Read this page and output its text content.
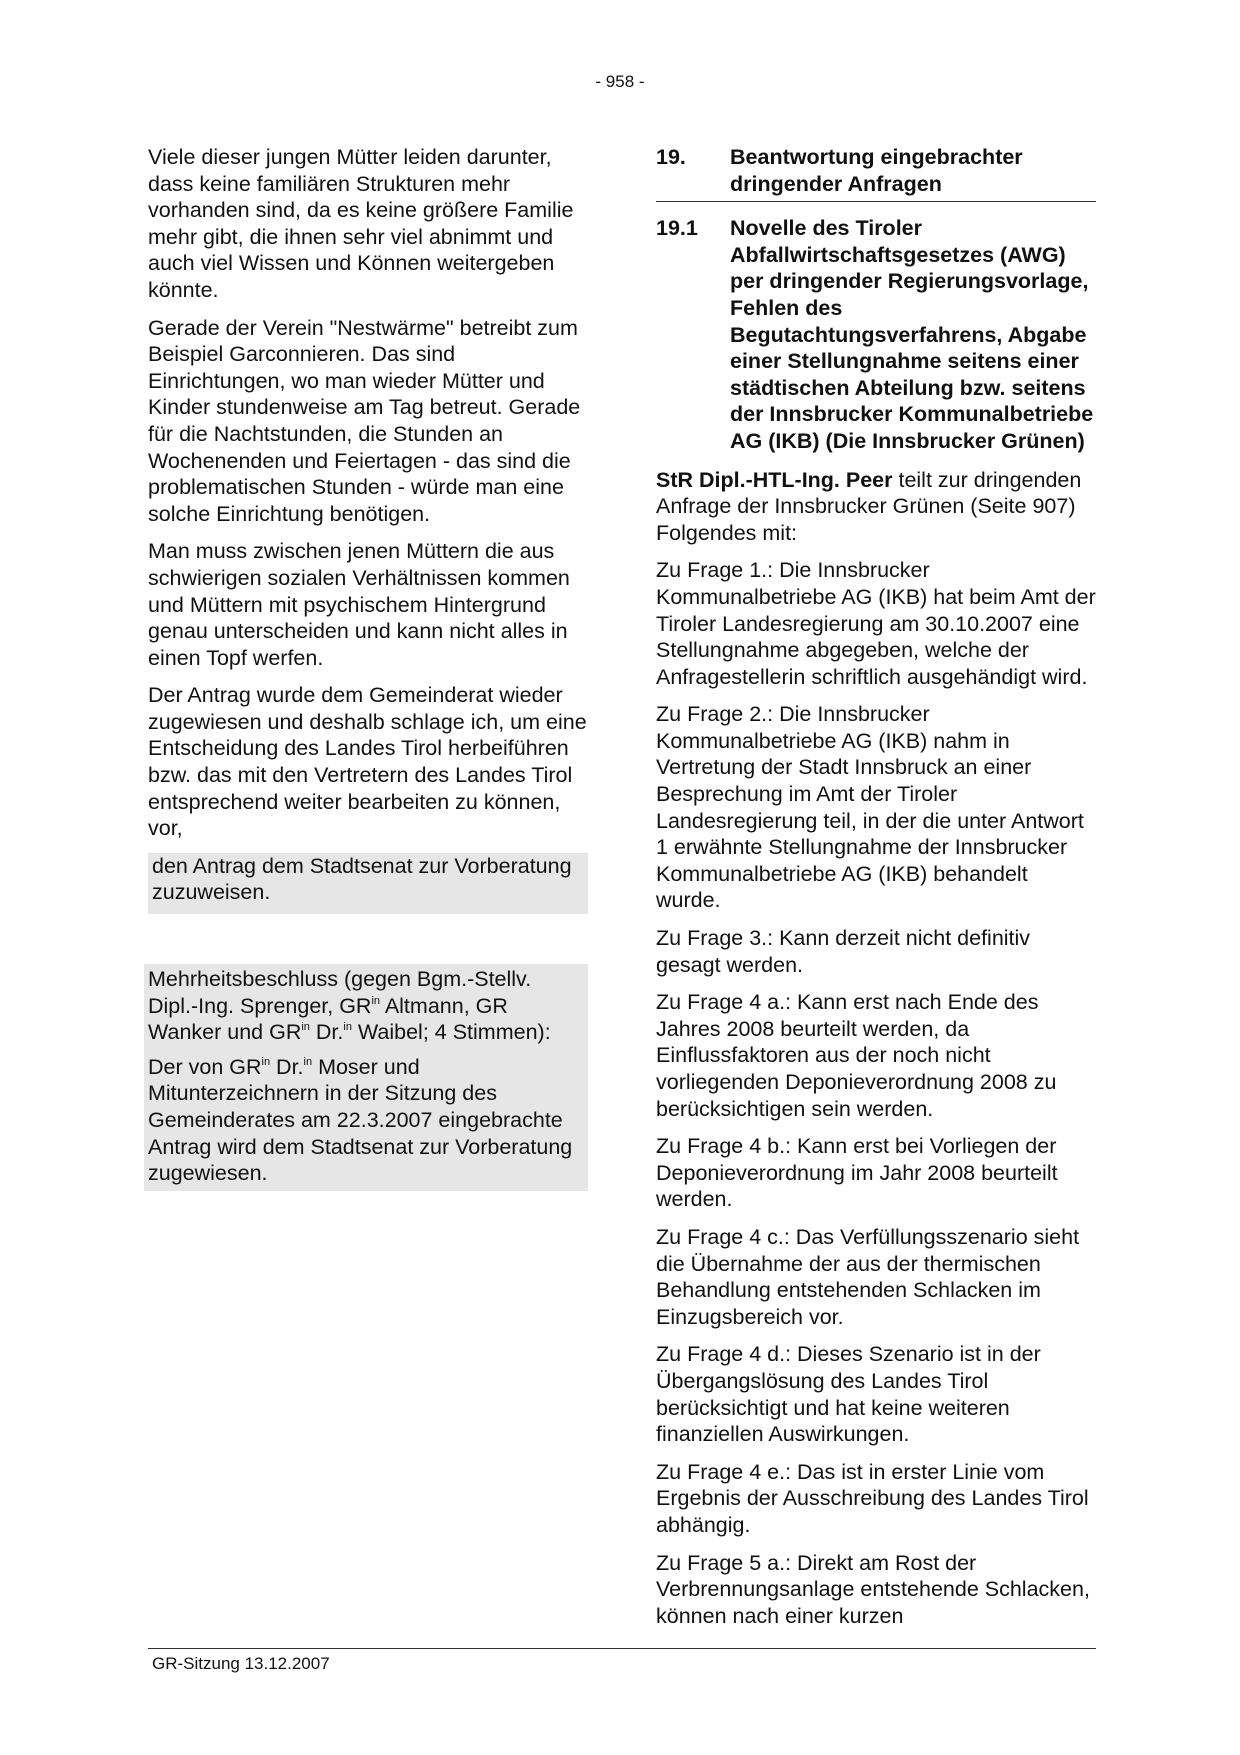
- 958 -

Viele dieser jungen Mütter leiden darunter, dass keine familiären Strukturen mehr vorhanden sind, da es keine größere Familie mehr gibt, die ihnen sehr viel abnimmt und auch viel Wissen und Können weitergeben könnte.

Gerade der Verein "Nestwärme" betreibt zum Beispiel Garconnieren. Das sind Einrichtungen, wo man wieder Mütter und Kinder stundenweise am Tag betreut. Gerade für die Nachtstunden, die Stunden an Wochenenden und Feiertagen - das sind die problematischen Stunden - würde man eine solche Einrichtung benötigen.

Man muss zwischen jenen Müttern die aus schwierigen sozialen Verhältnissen kommen und Müttern mit psychischem Hintergrund genau unterscheiden und kann nicht alles in einen Topf werfen.

Der Antrag wurde dem Gemeinderat wieder zugewiesen und deshalb schlage ich, um eine Entscheidung des Landes Tirol herbeiführen bzw. das mit den Vertretern des Landes Tirol entsprechend weiter bearbeiten zu können, vor,

den Antrag dem Stadtsenat zur Vorberatung zuzuweisen.

Mehrheitsbeschluss (gegen Bgm.-Stellv. Dipl.-Ing. Sprenger, $GR^{in}$ Altmann, GR Wanker und $GR^{in}$ Dr.$^{in}$ Waibel; 4 Stimmen):

Der von $GR^{in}$ Dr.$^{in}$ Moser und Mitunterzeichnern in der Sitzung des Gemeinderates am 22.3.2007 eingebrachte Antrag wird dem Stadtsenat zur Vorberatung zugewiesen.

19.	Beantwortung eingebrachter dringender Anfragen
19.1	Novelle des Tiroler Abfallwirtschaftsgesetzes (AWG) per dringender Regierungsvorlage, Fehlen des Begutachtungsverfahrens, Abgabe einer Stellungnahme seitens einer städtischen Abteilung bzw. seitens der Innsbrucker Kommunalbetriebe AG (IKB) (Die Innsbrucker Grünen)

StR Dipl.-HTL-Ing. Peer teilt zur dringenden Anfrage der Innsbrucker Grünen (Seite 907) Folgendes mit:

Zu Frage 1.: Die Innsbrucker Kommunalbetriebe AG (IKB) hat beim Amt der Tiroler Landesregierung am 30.10.2007 eine Stellungnahme abgegeben, welche der Anfragestellerin schriftlich ausgehändigt wird.

Zu Frage 2.: Die Innsbrucker Kommunalbetriebe AG (IKB) nahm in Vertretung der Stadt Innsbruck an einer Besprechung im Amt der Tiroler Landesregierung teil, in der die unter Antwort 1 erwähnte Stellungnahme der Innsbrucker Kommunalbetriebe AG (IKB) behandelt wurde.

Zu Frage 3.: Kann derzeit nicht definitiv gesagt werden.

Zu Frage 4 a.: Kann erst nach Ende des Jahres 2008 beurteilt werden, da Einflussfaktoren aus der noch nicht vorliegenden Deponieverordnung 2008 zu berücksichtigen sein werden.

Zu Frage 4 b.: Kann erst bei Vorliegen der Deponieverordnung im Jahr 2008 beurteilt werden.

Zu Frage 4 c.: Das Verfüllungsszenario sieht die Übernahme der aus der thermischen Behandlung entstehenden Schlacken im Einzugsbereich vor.

Zu Frage 4 d.: Dieses Szenario ist in der Übergangslösung des Landes Tirol berücksichtigt und hat keine weiteren finanziellen Auswirkungen.

Zu Frage 4 e.: Das ist in erster Linie vom Ergebnis der Ausschreibung des Landes Tirol abhängig.

Zu Frage 5 a.: Direkt am Rost der Verbrennungsanlage entstehende Schlacken, können nach einer kurzen

GR-Sitzung 13.12.2007
